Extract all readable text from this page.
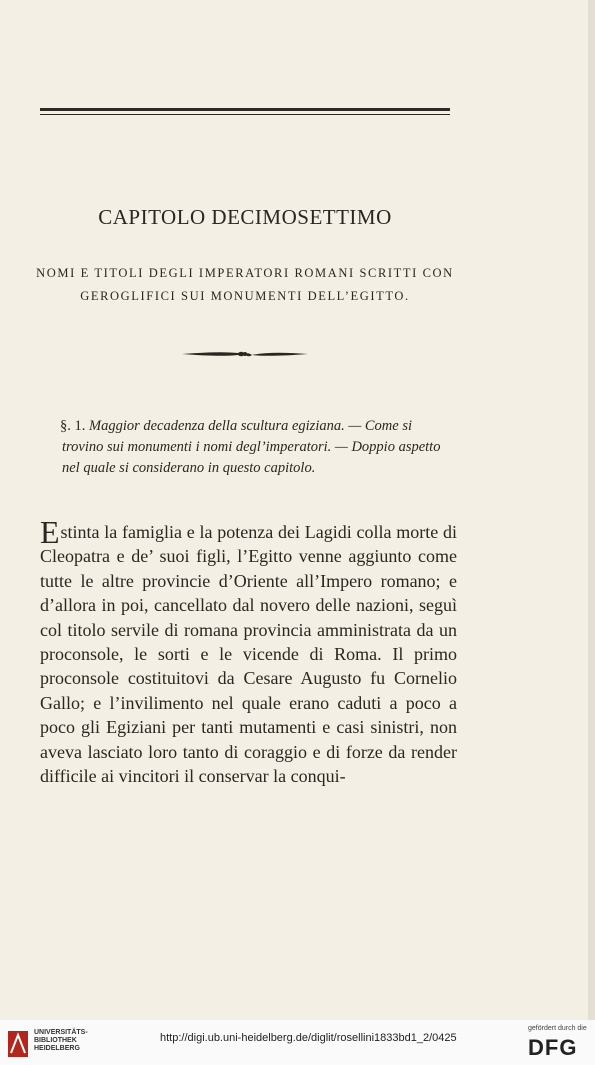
CAPITOLO DECIMOSETTIMO
NOMI E TITOLI DEGLI IMPERATORI ROMANI SCRITTI CON
GEROGLIFICI SUI MONUMENTI DELL’EGITTO.
§. 1. Maggior decadenza della scultura egiziana. — Come si trovino sui monumenti i nomi degl’imperatori. — Doppio aspetto nel quale si considerano in questo capitolo.
Estinta la famiglia e la potenza dei Lagidi colla morte di Cleopatra e de’ suoi figli, l’Egitto venne aggiunto come tutte le altre provincie d’Oriente all’Impero romano; e d’allora in poi, cancellato dal novero delle nazioni, seguì col titolo servile di romana provincia amministrata da un proconsole, le sorti e le vicende di Roma. Il primo proconsole costituitovi da Cesare Augusto fu Cornelio Gallo; e l’invilimento nel quale erano caduti a poco a poco gli Egiziani per tanti mutamenti e casi sinistri, non aveva lasciato loro tanto di coraggio e di forze da render difficile ai vincitori il conservar la conqui-
UNIVERSITÄTS-
BIBLIOTHEK
HEIDELBERG
http://digi.ub.uni-heidelberg.de/diglit/rosellini1833bd1_2/0425
gefördert durch die
DFG
